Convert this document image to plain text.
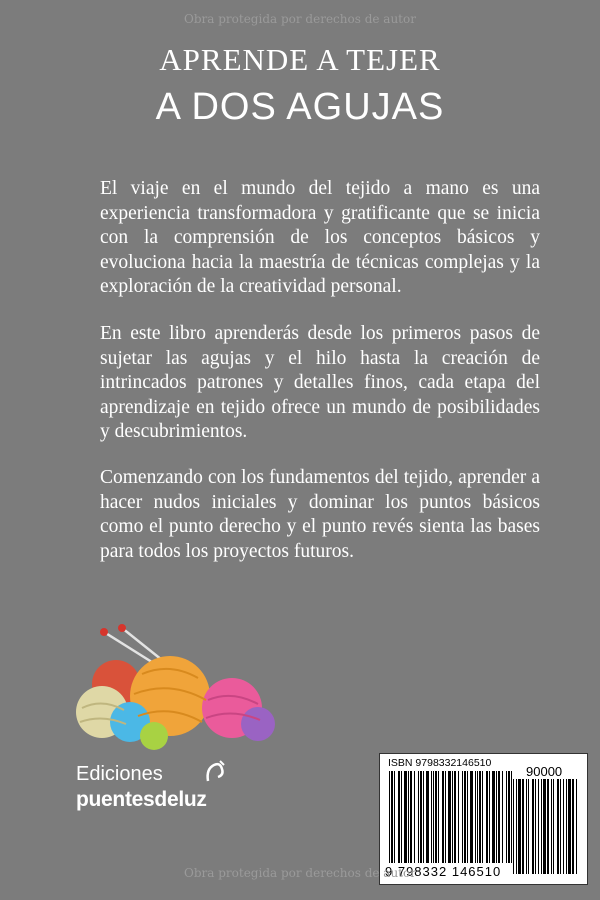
Obra protegida por derechos de autor
APRENDE A TEJER
A DOS AGUJAS

El viaje en el mundo del tejido a mano es una experiencia transformadora y gratificante que se inicia con la comprensión de los conceptos básicos y evoluciona hacia la maestría de técnicas complejas y la exploración de la creatividad personal.

En este libro aprenderás desde los primeros pasos de sujetar las agujas y el hilo hasta la creación de intrincados patrones y detalles finos, cada etapa del aprendizaje en tejido ofrece un mundo de posibilidades y descubrimientos.

Comenzando con los fundamentos del tejido, aprender a hacer nudos iniciales y dominar los puntos básicos como el punto derecho y el punto revés sienta las bases para todos los proyectos futuros.

Ediciones
puentesdeluz
ISBN 9798332146510
90000
9 798332 146510
Obra protegida por derechos de autor
